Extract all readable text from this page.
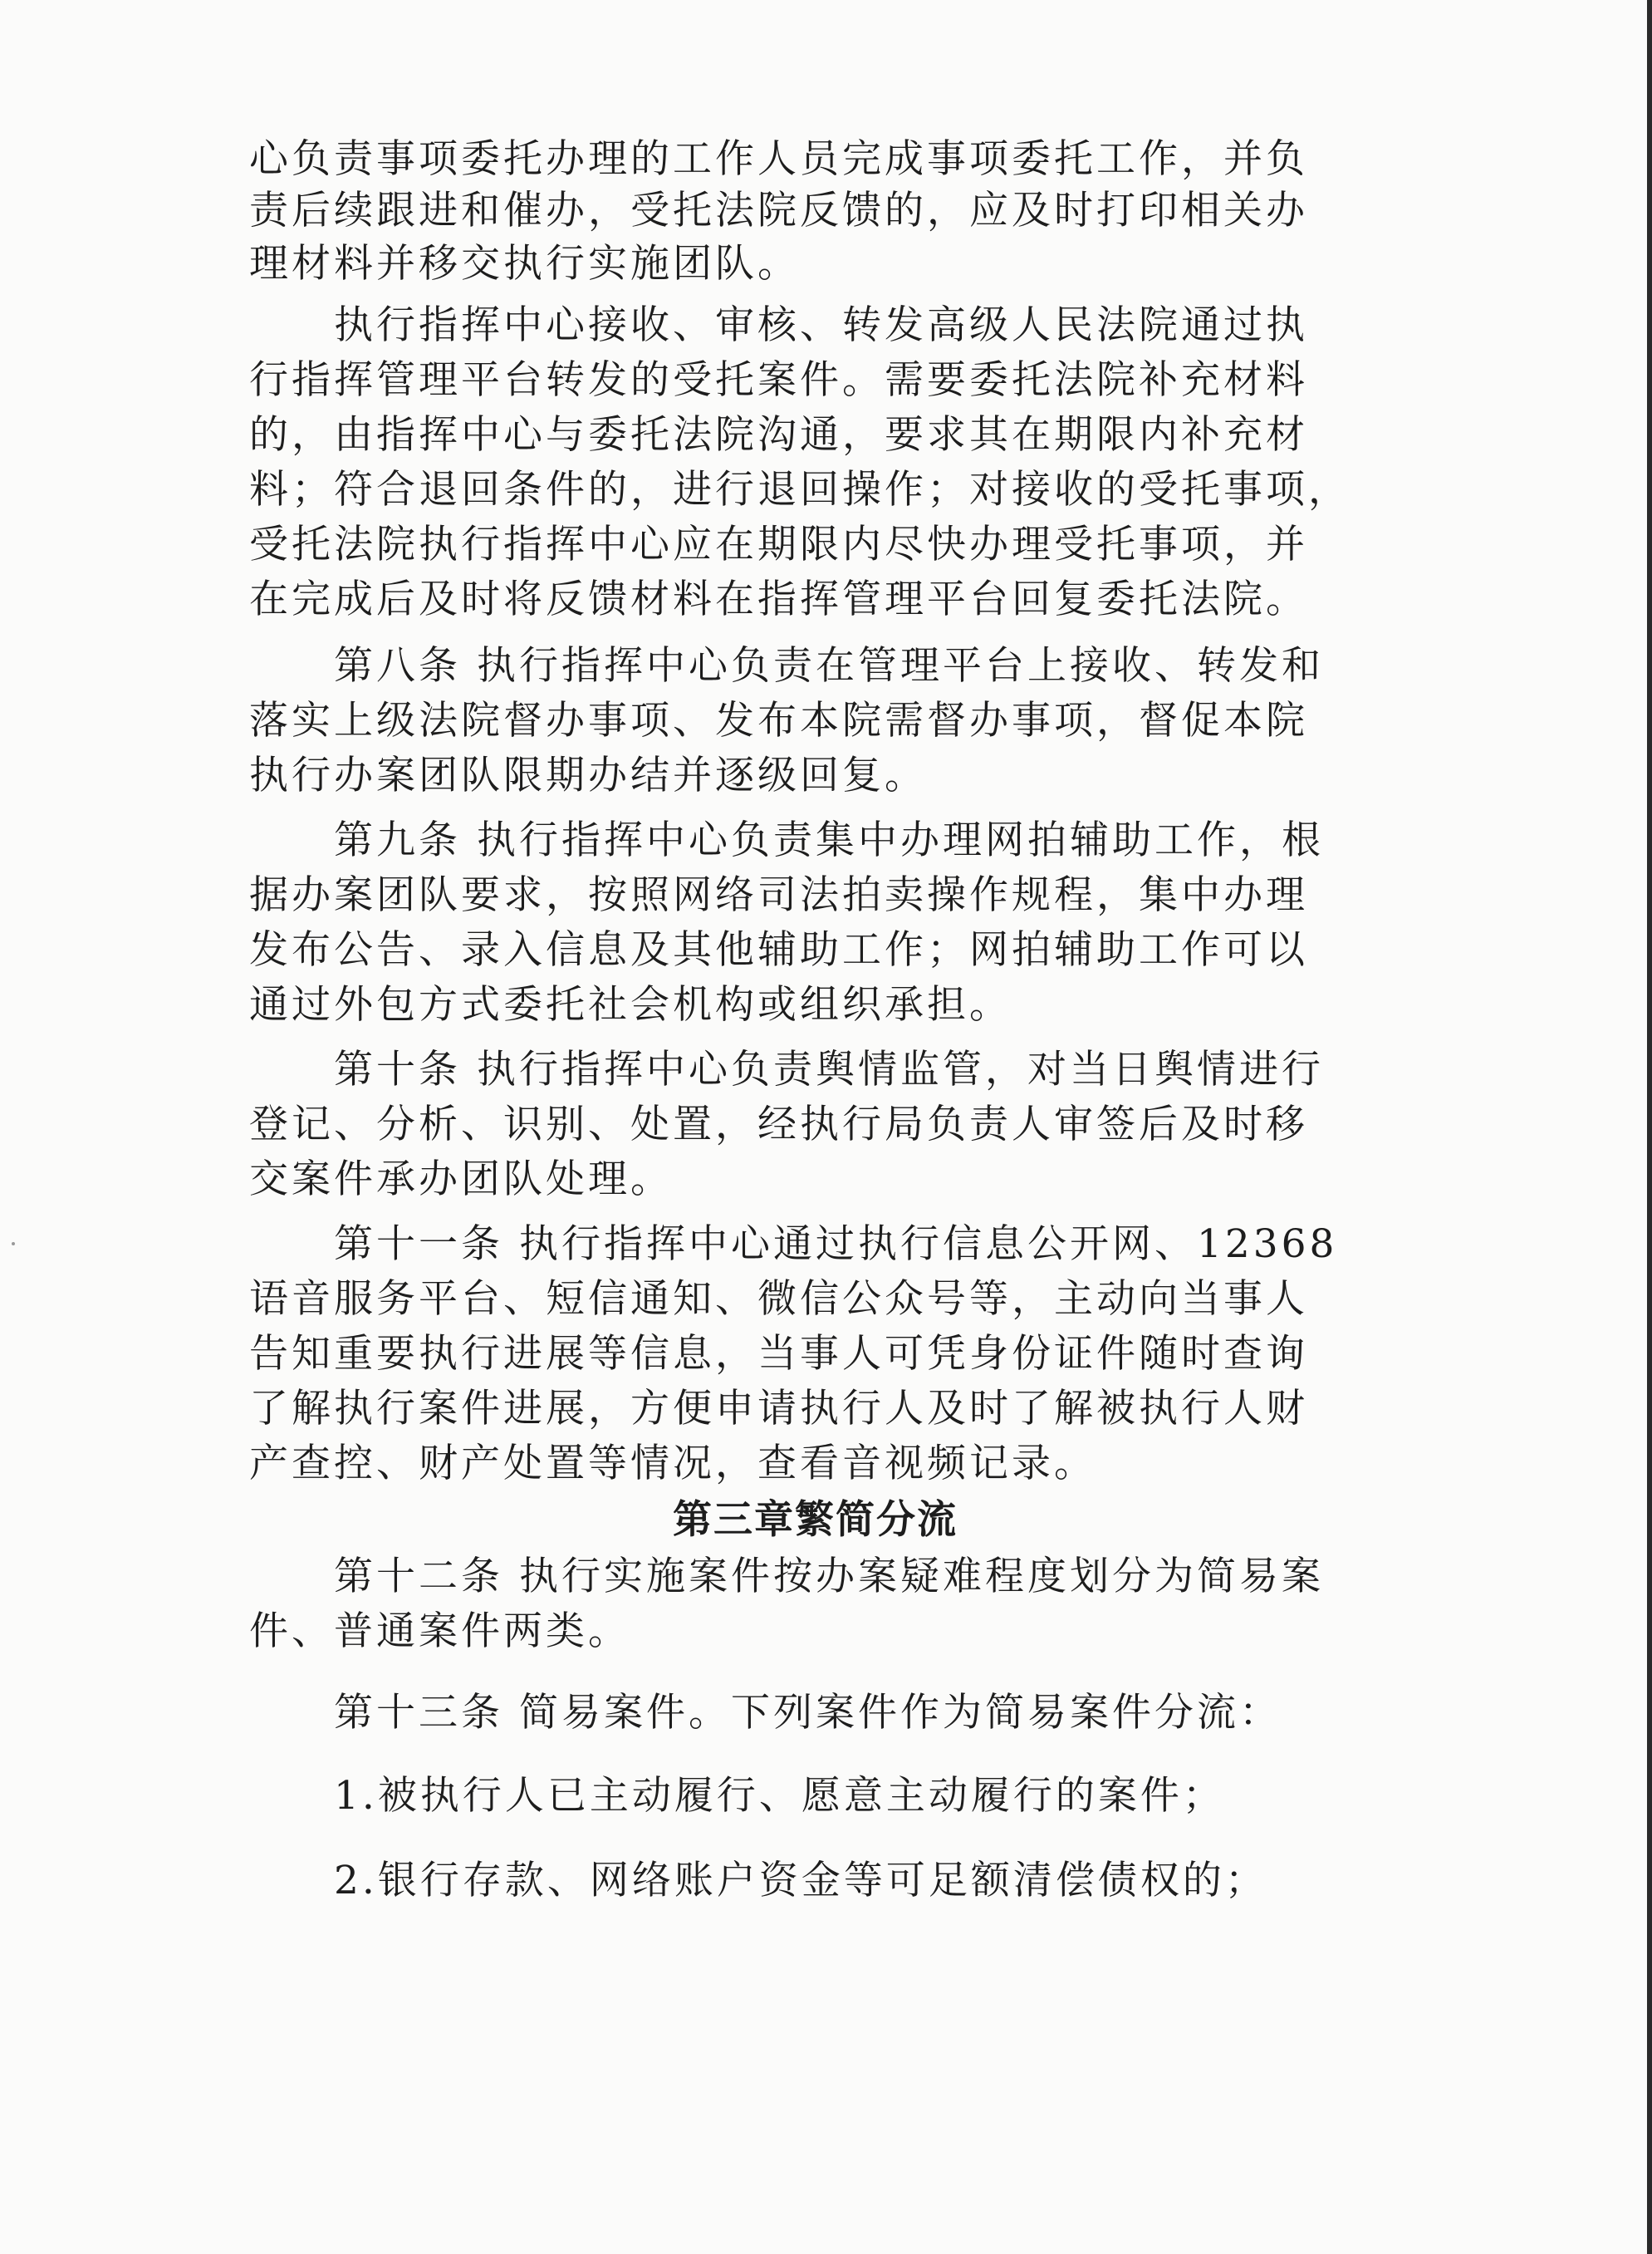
心负责事项委托办理的工作人员完成事项委托工作，并负

责后续跟进和催办，受托法院反馈的，应及时打印相关办

理材料并移交执行实施团队。

执行指挥中心接收、审核、转发高级人民法院通过执

行指挥管理平台转发的受托案件。需要委托法院补充材料

的，由指挥中心与委托法院沟通，要求其在期限内补充材

料；符合退回条件的，进行退回操作；对接收的受托事项，

受托法院执行指挥中心应在期限内尽快办理受托事项，并

在完成后及时将反馈材料在指挥管理平台回复委托法院。

第八条 执行指挥中心负责在管理平台上接收、转发和

落实上级法院督办事项、发布本院需督办事项，督促本院

执行办案团队限期办结并逐级回复。

第九条 执行指挥中心负责集中办理网拍辅助工作，根

据办案团队要求，按照网络司法拍卖操作规程，集中办理

发布公告、录入信息及其他辅助工作；网拍辅助工作可以

通过外包方式委托社会机构或组织承担。

第十条 执行指挥中心负责舆情监管，对当日舆情进行

登记、分析、识别、处置，经执行局负责人审签后及时移

交案件承办团队处理。

第十一条 执行指挥中心通过执行信息公开网、12368

语音服务平台、短信通知、微信公众号等，主动向当事人

告知重要执行进展等信息，当事人可凭身份证件随时查询

了解执行案件进展，方便申请执行人及时了解被执行人财

产查控、财产处置等情况，查看音视频记录。

第三章繁简分流

第十二条 执行实施案件按办案疑难程度划分为简易案

件、普通案件两类。

第十三条 简易案件。下列案件作为简易案件分流：

1.被执行人已主动履行、愿意主动履行的案件；

2.银行存款、网络账户资金等可足额清偿债权的；
